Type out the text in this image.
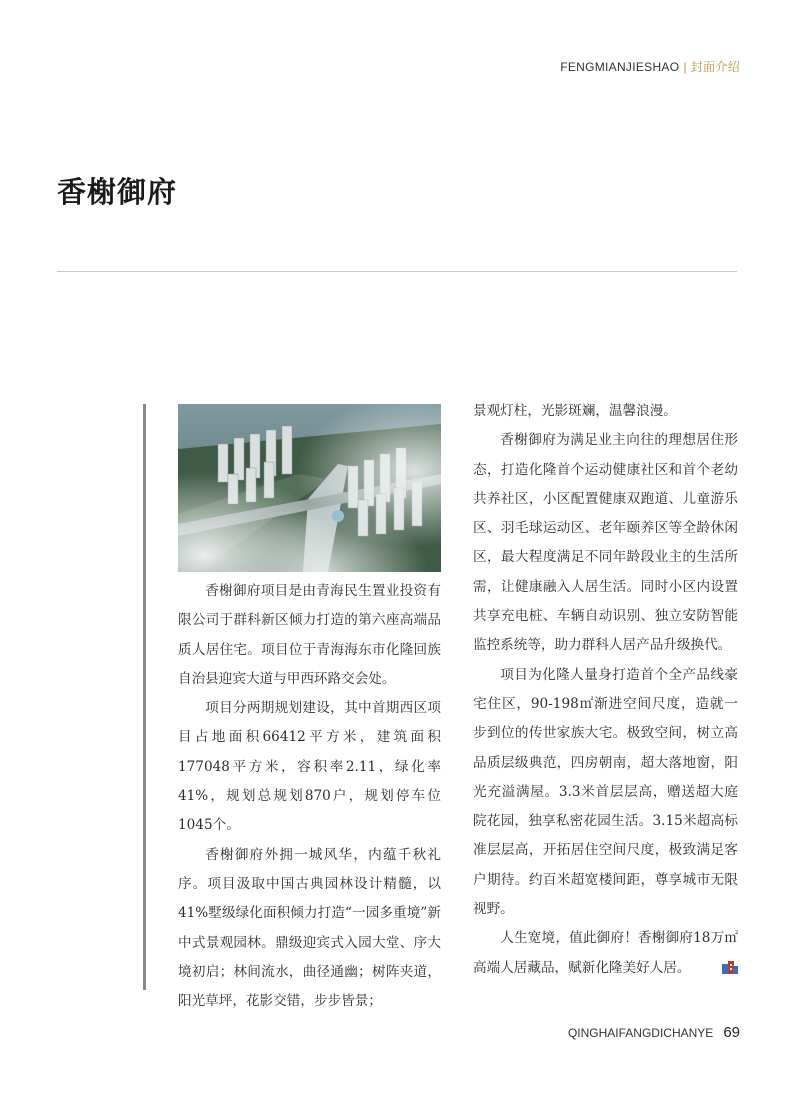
FENGMIANJIESHAO | 封面介绍
香榭御府

香榭御府项目是由青海民生置业投资有限公司于群科新区倾力打造的第六座高端品质人居住宅。项目位于青海海东市化隆回族自治县迎宾大道与甲西环路交会处。

项目分两期规划建设，其中首期西区项目占地面积66412平方米，建筑面积177048平方米，容积率2.11，绿化率41%，规划总规划870户，规划停车位1045个。

香榭御府外拥一城风华，内蕴千秋礼序。项目汲取中国古典园林设计精髓，以41%墅级绿化面积倾力打造“一园多重境”新中式景观园林。鼎级迎宾式入园大堂、序大境初启；林间流水，曲径通幽；树阵夹道，阳光草坪，花影交错，步步皆景；

景观灯柱，光影斑斓，温馨浪漫。

香榭御府为满足业主向往的理想居住形态，打造化隆首个运动健康社区和首个老幼共养社区，小区配置健康双跑道、儿童游乐区、羽毛球运动区、老年颐养区等全龄休闲区，最大程度满足不同年龄段业主的生活所需，让健康融入人居生活。同时小区内设置共享充电桩、车辆自动识别、独立安防智能监控系统等，助力群科人居产品升级换代。

项目为化隆人量身打造首个全产品线豪宅住区，90-198㎡渐进空间尺度，造就一步到位的传世家族大宅。极致空间，树立高品质层级典范，四房朝南，超大落地窗，阳光充溢满屋。3.3米首层层高，赠送超大庭院花园，独享私密花园生活。3.15米超高标准层层高，开拓居住空间尺度，极致满足客户期待。约百米超宽楼间距，尊享城市无限视野。

人生宽境，值此御府！香榭御府18万㎡高端人居藏品，赋新化隆美好人居。

QINGHAIFANGDICHANYE 69
